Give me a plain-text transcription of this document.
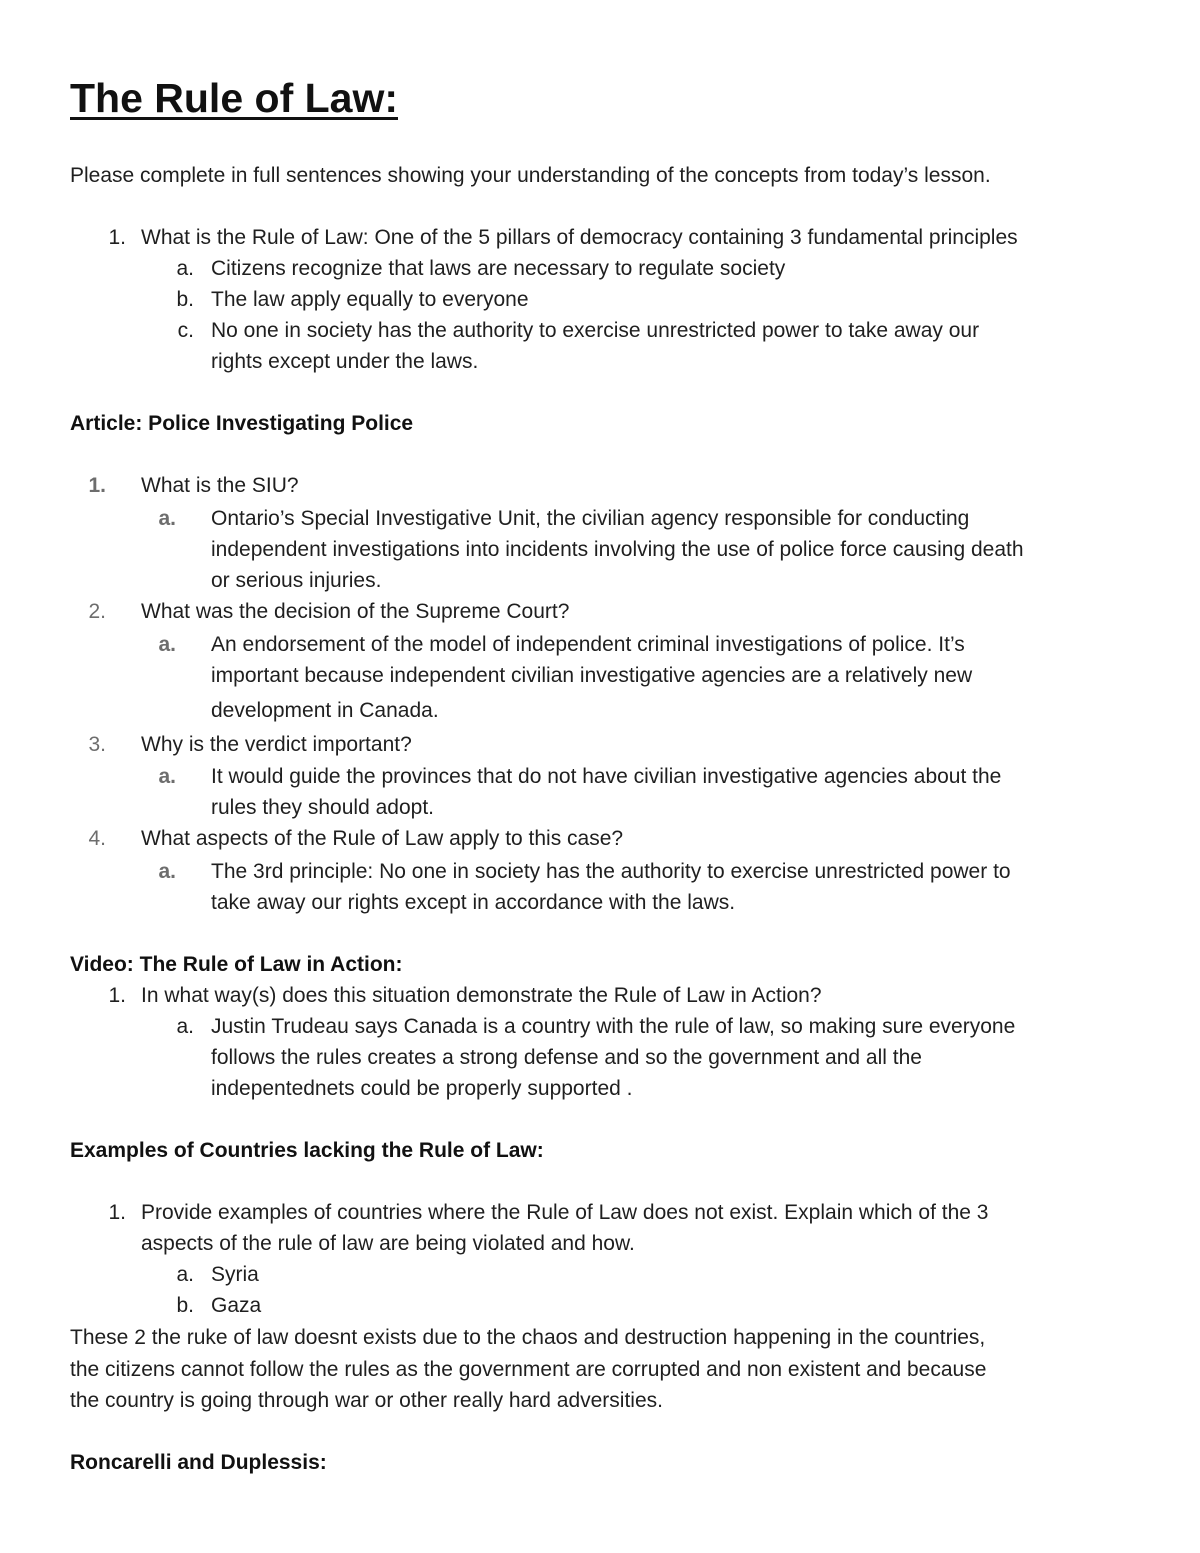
The Rule of Law:
Please complete in full sentences showing your understanding of the concepts from today’s lesson.
1. What is the Rule of Law: One of the 5 pillars of democracy containing 3 fundamental principles
a. Citizens recognize that laws are necessary to regulate society
b. The law apply equally to everyone
c. No one in society has the authority to exercise unrestricted power to take away our
rights except under the laws.
Article: Police Investigating Police
1. What is the SIU?
a. Ontario’s Special Investigative Unit, the civilian agency responsible for conducting
independent investigations into incidents involving the use of police force causing death
or serious injuries.
2. What was the decision of the Supreme Court?
a. An endorsement of the model of independent criminal investigations of police. It’s
important because independent civilian investigative agencies are a relatively new
development in Canada.
3. Why is the verdict important?
a. It would guide the provinces that do not have civilian investigative agencies about the
rules they should adopt.
4. What aspects of the Rule of Law apply to this case?
a. The 3rd principle: No one in society has the authority to exercise unrestricted power to
take away our rights except in accordance with the laws.
Video: The Rule of Law in Action:
1. In what way(s) does this situation demonstrate the Rule of Law in Action?
a. Justin Trudeau says Canada is a country with the rule of law, so making sure everyone
follows the rules creates a strong defense and so the government and all the
indepentednets could be properly supported .
Examples of Countries lacking the Rule of Law:
1. Provide examples of countries where the Rule of Law does not exist. Explain which of the 3
aspects of the rule of law are being violated and how.
a. Syria
b. Gaza
These 2 the ruke of law doesnt exists due to the chaos and destruction happening in the countries,
the citizens cannot follow the rules as the government are corrupted and non existent and because
the country is going through war or other really hard adversities.
Roncarelli and Duplessis:
